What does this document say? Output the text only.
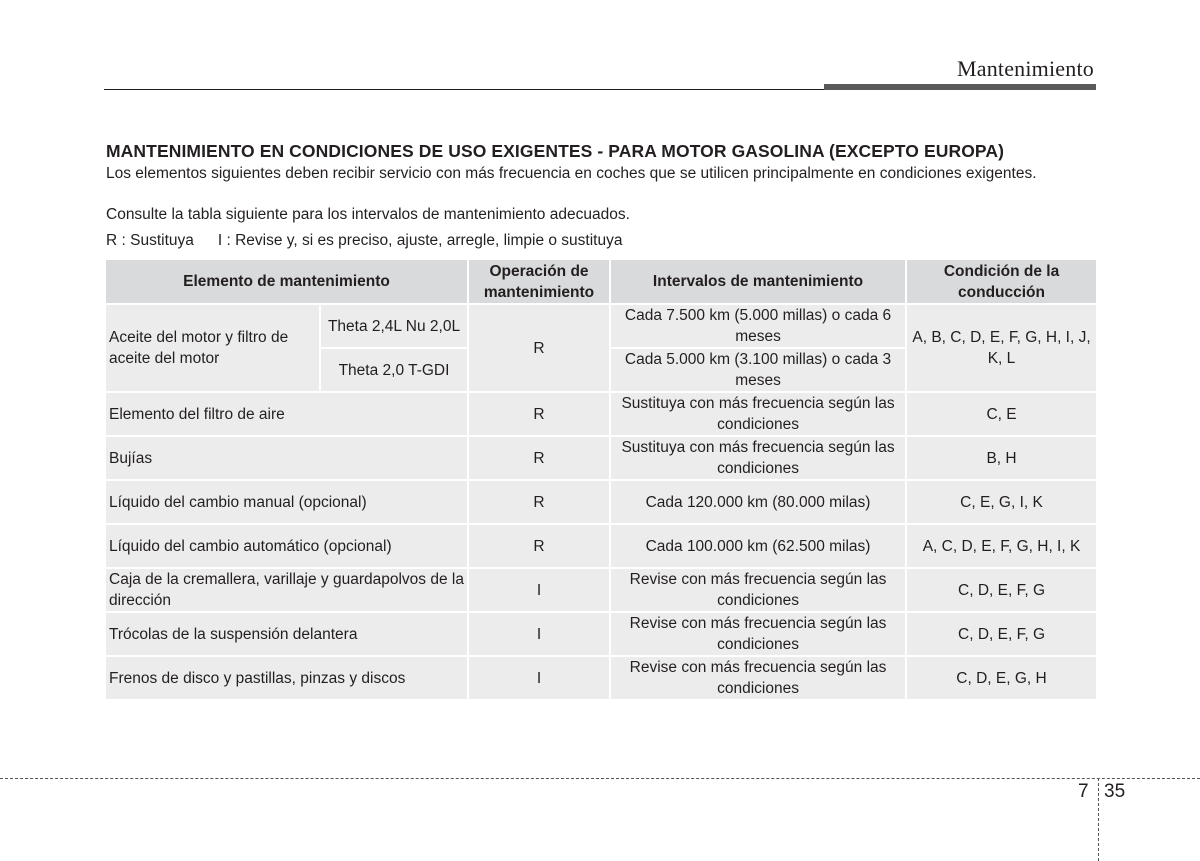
Mantenimiento
MANTENIMIENTO EN CONDICIONES DE USO EXIGENTES - PARA MOTOR GASOLINA (EXCEPTO EUROPA)

Los elementos siguientes deben recibir servicio con más frecuencia en coches que se utilicen principalmente en condiciones exigentes.

Consulte la tabla siguiente para los intervalos de mantenimiento adecuados.

R : Sustituya I : Revise y, si es preciso, ajuste, arregle, limpie o sustituya
Elemento de mantenimiento		Operación de mantenimiento	Intervalos de mantenimiento	Condición de la conducción
Aceite del motor y filtro de aceite del motor	Theta 2,4L Nu 2,0L	R	Cada 7.500 km (5.000 millas) o cada 6 meses	A, B, C, D, E, F, G, H, I, J, K, L
	Theta 2,0 T-GDI		Cada 5.000 km (3.100 millas) o cada 3 meses	
Elemento del filtro de aire		R	Sustituya con más frecuencia según las condiciones	C, E
Bujías		R	Sustituya con más frecuencia según las condiciones	B, H
Líquido del cambio manual (opcional)		R	Cada 120.000 km (80.000 milas)	C, E, G, I, K
Líquido del cambio automático (opcional)		R	Cada 100.000 km (62.500 milas)	A, C, D, E, F, G, H, I, K
Caja de la cremallera, varillaje y guardapolvos de la dirección		I	Revise con más frecuencia según las condiciones	C, D, E, F, G
Trócolas de la suspensión delantera		I	Revise con más frecuencia según las condiciones	C, D, E, F, G
Frenos de disco y pastillas, pinzas y discos		I	Revise con más frecuencia según las condiciones	C, D, E, G, H
7 35
